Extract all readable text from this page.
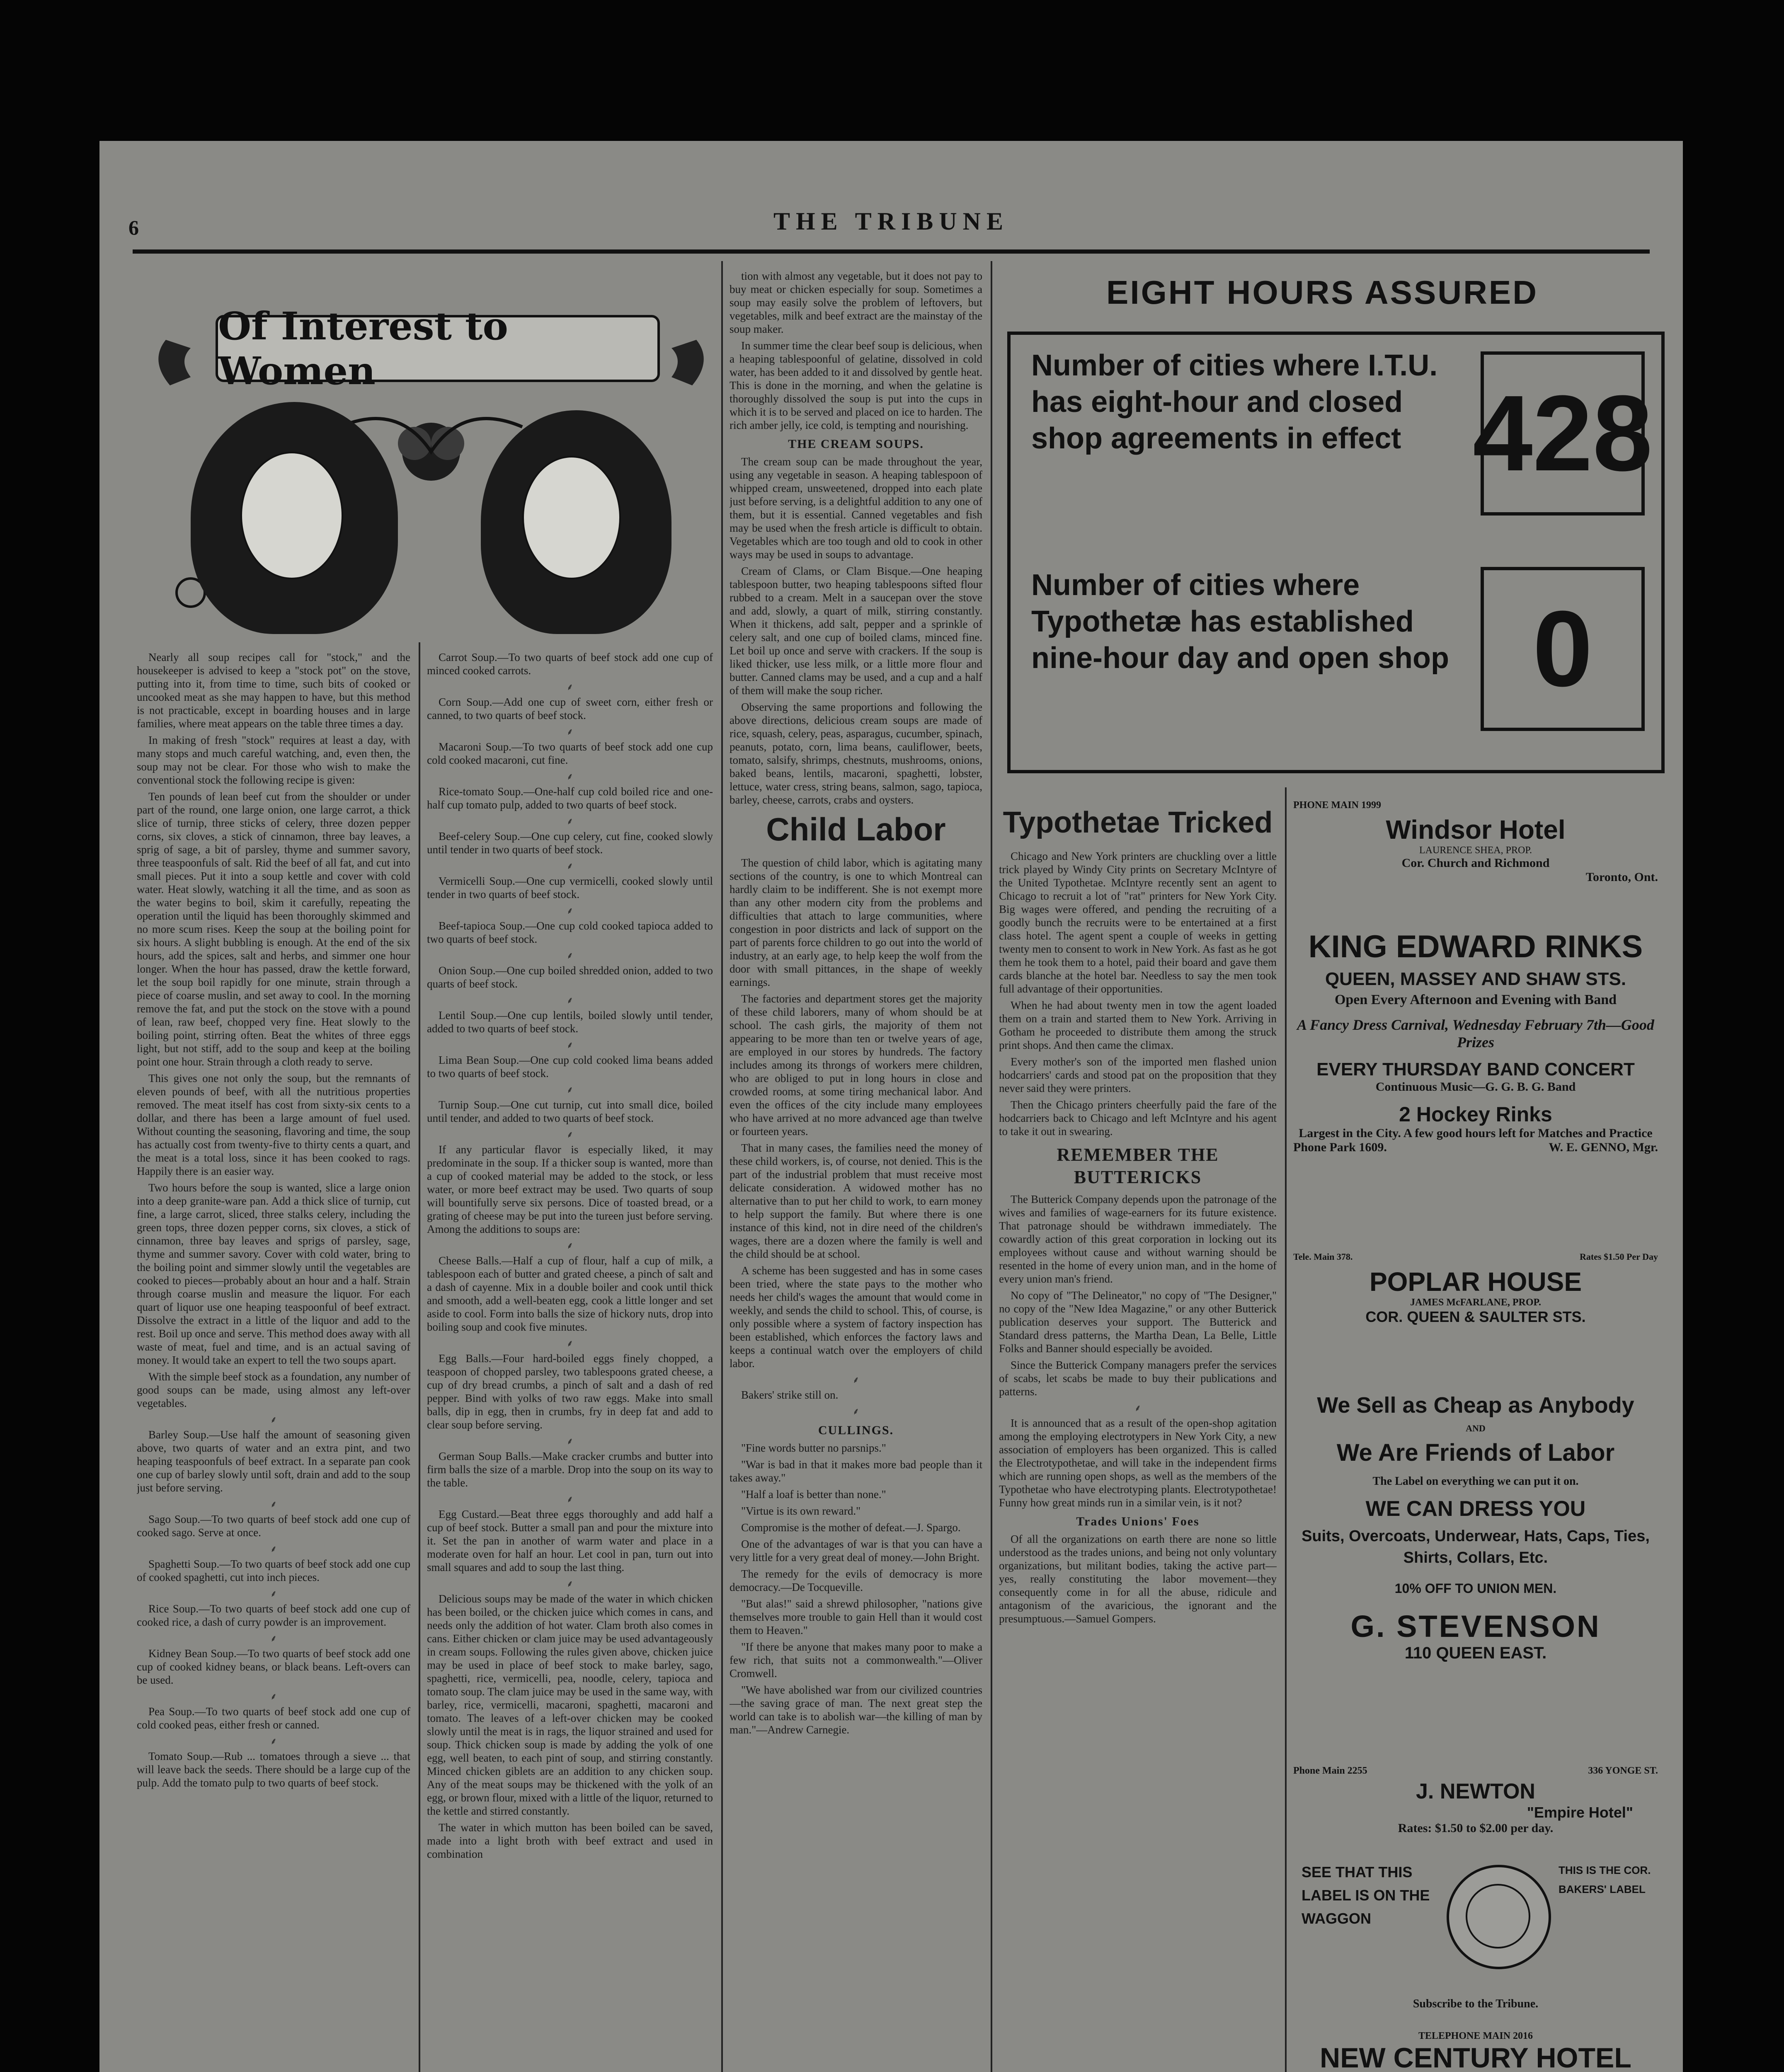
6	THE TRIBUNE
Of Interest to Women

Nearly all soup recipes call for "stock," and the housekeeper is advised to keep a "stock pot" on the stove, putting into it, from time to time, such bits of cooked or uncooked meat as she may happen to have, but this method is not practicable, except in boarding houses and in large families, where meat appears on the table three times a day.

In making of fresh "stock" requires at least a day, with many stops and much careful watching, and, even then, the soup may not be clear. For those who wish to make the conventional stock the following recipe is given:

Ten pounds of lean beef cut from the shoulder or under part of the round, one large onion, one large carrot, a thick slice of turnip, three sticks of celery, three dozen pepper corns, six cloves, a stick of cinnamon, three bay leaves, a sprig of sage, a bit of parsley, thyme and summer savory, three teaspoonfuls of salt. Rid the beef of all fat, and cut into small pieces. Put it into a soup kettle and cover with cold water. Heat slowly, watching it all the time, and as soon as the water begins to boil, skim it carefully, repeating the operation until the liquid has been thoroughly skimmed and no more scum rises. Keep the soup at the boiling point for six hours. A slight bubbling is enough. At the end of the six hours, add the spices, salt and herbs, and simmer one hour longer. When the hour has passed, draw the kettle forward, let the soup boil rapidly for one minute, strain through a piece of coarse muslin, and set away to cool. In the morning remove the fat, and put the stock on the stove with a pound of lean, raw beef, chopped very fine. Heat slowly to the boiling point, stirring often. Beat the whites of three eggs light, but not stiff, add to the soup and keep at the boiling point one hour. Strain through a cloth ready to serve.

This gives one not only the soup, but the remnants of eleven pounds of beef, with all the nutritious properties removed. The meat itself has cost from sixty-six cents to a dollar, and there has been a large amount of fuel used. Without counting the seasoning, flavoring and time, the soup has actually cost from twenty-five to thirty cents a quart, and the meat is a total loss, since it has been cooked to rags. Happily there is an easier way.

Two hours before the soup is wanted, slice a large onion into a deep granite-ware pan. Add a thick slice of turnip, cut fine, a large carrot, sliced, three stalks celery, including the green tops, three dozen pepper corns, six cloves, a stick of cinnamon, three bay leaves and sprigs of parsley, sage, thyme and summer savory. Cover with cold water, bring to the boiling point and simmer slowly until the vegetables are cooked to pieces—probably about an hour and a half. Strain through coarse muslin and measure the liquor. For each quart of liquor use one heaping teaspoonful of beef extract. Dissolve the extract in a little of the liquor and add to the rest. Boil up once and serve. This method does away with all waste of meat, fuel and time, and is an actual saving of money. It would take an expert to tell the two soups apart.

With the simple beef stock as a foundation, any number of good soups can be made, using almost any left-over vegetables.

⸙

Barley Soup.—Use half the amount of seasoning given above, two quarts of water and an extra pint, and two heaping teaspoonfuls of beef extract. In a separate pan cook one cup of barley slowly until soft, drain and add to the soup just before serving.

⸙

Sago Soup.—To two quarts of beef stock add one cup of cooked sago. Serve at once.

⸙

Spaghetti Soup.—To two quarts of beef stock add one cup of cooked spaghetti, cut into inch pieces.

⸙

Rice Soup.—To two quarts of beef stock add one cup of cooked rice, a dash of curry powder is an improvement.

⸙

Kidney Bean Soup.—To two quarts of beef stock add one cup of cooked kidney beans, or black beans. Left-overs can be used.

⸙

Pea Soup.—To two quarts of beef stock add one cup of cold cooked peas, either fresh or canned.

⸙

Tomato Soup.—Rub ... tomatoes through a sieve ... that will leave back the seeds. There should be a large cup of the pulp. Add the tomato pulp to two quarts of beef stock.

Carrot Soup.—To two quarts of beef stock add one cup of minced cooked carrots.

⸙

Corn Soup.—Add one cup of sweet corn, either fresh or canned, to two quarts of beef stock.

⸙

Macaroni Soup.—To two quarts of beef stock add one cup cold cooked macaroni, cut fine.

⸙

Rice-tomato Soup.—One-half cup cold boiled rice and one-half cup tomato pulp, added to two quarts of beef stock.

⸙

Beef-celery Soup.—One cup celery, cut fine, cooked slowly until tender in two quarts of beef stock.

⸙

Vermicelli Soup.—One cup vermicelli, cooked slowly until tender in two quarts of beef stock.

⸙

Beef-tapioca Soup.—One cup cold cooked tapioca added to two quarts of beef stock.

⸙

Onion Soup.—One cup boiled shredded onion, added to two quarts of beef stock.

⸙

Lentil Soup.—One cup lentils, boiled slowly until tender, added to two quarts of beef stock.

⸙

Lima Bean Soup.—One cup cold cooked lima beans added to two quarts of beef stock.

⸙

Turnip Soup.—One cut turnip, cut into small dice, boiled until tender, and added to two quarts of beef stock.

⸙

If any particular flavor is especially liked, it may predominate in the soup. If a thicker soup is wanted, more than a cup of cooked material may be added to the stock, or less water, or more beef extract may be used. Two quarts of soup will bountifully serve six persons. Dice of toasted bread, or a grating of cheese may be put into the tureen just before serving. Among the additions to soups are:

⸙

Cheese Balls.—Half a cup of flour, half a cup of milk, a tablespoon each of butter and grated cheese, a pinch of salt and a dash of cayenne. Mix in a double boiler and cook until thick and smooth, add a well-beaten egg, cook a little longer and set aside to cool. Form into balls the size of hickory nuts, drop into boiling soup and cook five minutes.

⸙

Egg Balls.—Four hard-boiled eggs finely chopped, a teaspoon of chopped parsley, two tablespoons grated cheese, a cup of dry bread crumbs, a pinch of salt and a dash of red pepper. Bind with yolks of two raw eggs. Make into small balls, dip in egg, then in crumbs, fry in deep fat and add to clear soup before serving.

⸙

German Soup Balls.—Make cracker crumbs and butter into firm balls the size of a marble. Drop into the soup on its way to the table.

⸙

Egg Custard.—Beat three eggs thoroughly and add half a cup of beef stock. Butter a small pan and pour the mixture into it. Set the pan in another of warm water and place in a moderate oven for half an hour. Let cool in pan, turn out into small squares and add to soup the last thing.

⸙

Delicious soups may be made of the water in which chicken has been boiled, or the chicken juice which comes in cans, and needs only the addition of hot water. Clam broth also comes in cans. Either chicken or clam juice may be used advantageously in cream soups. Following the rules given above, chicken juice may be used in place of beef stock to make barley, sago, spaghetti, rice, vermicelli, pea, noodle, celery, tapioca and tomato soup. The clam juice may be used in the same way, with barley, rice, vermicelli, macaroni, spaghetti, macaroni and tomato. The leaves of a left-over chicken may be cooked slowly until the meat is in rags, the liquor strained and used for soup. Thick chicken soup is made by adding the yolk of one egg, well beaten, to each pint of soup, and stirring constantly. Minced chicken giblets are an addition to any chicken soup. Any of the meat soups may be thickened with the yolk of an egg, or brown flour, mixed with a little of the liquor, returned to the kettle and stirred constantly.

The water in which mutton has been boiled can be saved, made into a light broth with beef extract and used in combination

tion with almost any vegetable, but it does not pay to buy meat or chicken especially for soup. Sometimes a soup may easily solve the problem of leftovers, but vegetables, milk and beef extract are the mainstay of the soup maker.

In summer time the clear beef soup is delicious, when a heaping tablespoonful of gelatine, dissolved in cold water, has been added to it and dissolved by gentle heat. This is done in the morning, and when the gelatine is thoroughly dissolved the soup is put into the cups in which it is to be served and placed on ice to harden. The rich amber jelly, ice cold, is tempting and nourishing.

THE CREAM SOUPS.

The cream soup can be made throughout the year, using any vegetable in season. A heaping tablespoon of whipped cream, unsweetened, dropped into each plate just before serving, is a delightful addition to any one of them, but it is essential. Canned vegetables and fish may be used when the fresh article is difficult to obtain. Vegetables which are too tough and old to cook in other ways may be used in soups to advantage.

Cream of Clams, or Clam Bisque.—One heaping tablespoon butter, two heaping tablespoons sifted flour rubbed to a cream. Melt in a saucepan over the stove and add, slowly, a quart of milk, stirring constantly. When it thickens, add salt, pepper and a sprinkle of celery salt, and one cup of boiled clams, minced fine. Let boil up once and serve with crackers. If the soup is liked thicker, use less milk, or a little more flour and butter. Canned clams may be used, and a cup and a half of them will make the soup richer.

Observing the same proportions and following the above directions, delicious cream soups are made of rice, squash, celery, peas, asparagus, cucumber, spinach, peanuts, potato, corn, lima beans, cauliflower, beets, tomato, salsify, shrimps, chestnuts, mushrooms, onions, baked beans, lentils, macaroni, spaghetti, lobster, lettuce, water cress, string beans, salmon, sago, tapioca, barley, cheese, carrots, crabs and oysters.

Child Labor

The question of child labor, which is agitating many sections of the country, is one to which Montreal can hardly claim to be indifferent. She is not exempt more than any other modern city from the problems and difficulties that attach to large communities, where congestion in poor districts and lack of support on the part of parents force children to go out into the world of industry, at an early age, to help keep the wolf from the door with small pittances, in the shape of weekly earnings.

The factories and department stores get the majority of these child laborers, many of whom should be at school. The cash girls, the majority of them not appearing to be more than ten or twelve years of age, are employed in our stores by hundreds. The factory includes among its throngs of workers mere children, who are obliged to put in long hours in close and crowded rooms, at some tiring mechanical labor. And even the offices of the city include many employees who have arrived at no more advanced age than twelve or fourteen years.

That in many cases, the families need the money of these child workers, is, of course, not denied. This is the part of the industrial problem that must receive most delicate consideration. A widowed mother has no alternative than to put her child to work, to earn money to help support the family. But where there is one instance of this kind, not in dire need of the children's wages, there are a dozen where the family is well and the child should be at school.

A scheme has been suggested and has in some cases been tried, where the state pays to the mother who needs her child's wages the amount that would come in weekly, and sends the child to school. This, of course, is only possible where a system of factory inspection has been established, which enforces the factory laws and keeps a continual watch over the employers of child labor.

⸙

Bakers' strike still on.

⸙
CULLINGS.

"Fine words butter no parsnips."

"War is bad in that it makes more bad people than it takes away."

"Half a loaf is better than none."

"Virtue is its own reward."

Compromise is the mother of defeat.—J. Spargo.

One of the advantages of war is that you can have a very little for a very great deal of money.—John Bright.

The remedy for the evils of democracy is more democracy.—De Tocqueville.

"But alas!" said a shrewd philosopher, "nations give themselves more trouble to gain Hell than it would cost them to Heaven."

"If there be anyone that makes many poor to make a few rich, that suits not a commonwealth."—Oliver Cromwell.

"We have abolished war from our civilized countries—the saving grace of man. The next great step the world can take is to abolish war—the killing of man by man."—Andrew Carnegie.

EIGHT HOURS ASSURED
Number of cities where I.T.U. has eight-hour and closed shop agreements in effect 428
Number of cities where Typothetæ has established nine-hour day and open shop 0
Typothetae Tricked

Chicago and New York printers are chuckling over a little trick played by Windy City prints on Secretary McIntyre of the United Typothetae. McIntyre recently sent an agent to Chicago to recruit a lot of "rat" printers for New York City. Big wages were offered, and pending the recruiting of a goodly bunch the recruits were to be entertained at a first class hotel. The agent spent a couple of weeks in getting twenty men to consent to work in New York. As fast as he got them he took them to a hotel, paid their board and gave them cards blanche at the hotel bar. Needless to say the men took full advantage of their opportunities.

When he had about twenty men in tow the agent loaded them on a train and started them to New York. Arriving in Gotham he proceeded to distribute them among the struck print shops. And then came the climax.

Every mother's son of the imported men flashed union hodcarriers' cards and stood pat on the proposition that they never said they were printers.

Then the Chicago printers cheerfully paid the fare of the hodcarriers back to Chicago and left McIntyre and his agent to take it out in swearing.

REMEMBER THE BUTTERICKS

The Butterick Company depends upon the patronage of the wives and families of wage-earners for its future existence. That patronage should be withdrawn immediately. The cowardly action of this great corporation in locking out its employees without cause and without warning should be resented in the home of every union man, and in the home of every union man's friend.

No copy of "The Delineator," no copy of "The Designer," no copy of the "New Idea Magazine," or any other Butterick publication deserves your support. The Butterick and Standard dress patterns, the Martha Dean, La Belle, Little Folks and Banner should especially be avoided.

Since the Butterick Company managers prefer the services of scabs, let scabs be made to buy their publications and patterns.

⸙

It is announced that as a result of the open-shop agitation among the employing electrotypers in New York City, a new association of employers has been organized. This is called the Electrotypothetae, and will take in the independent firms which are running open shops, as well as the members of the Typothetae who have electrotyping plants. Electrotypothetae! Funny how great minds run in a similar vein, is it not?

Trades Unions' Foes

Of all the organizations on earth there are none so little understood as the trades unions, and being not only voluntary organizations, but militant bodies, taking the active part—yes, really constituting the labor movement—they consequently come in for all the abuse, ridicule and antagonism of the avaricious, the ignorant and the presumptuous.—Samuel Gompers.

PHONE MAIN 1999
Windsor Hotel
LAURENCE SHEA, PROP.
Cor. Church and Richmond
Toronto, Ont.
KING EDWARD RINKS
QUEEN, MASSEY AND SHAW STS.
Open Every Afternoon and Evening with Band
A Fancy Dress Carnival, Wednesday February 7th—Good Prizes
EVERY THURSDAY BAND CONCERT
Continuous Music—G. G. B. G. Band
2 Hockey Rinks
Largest in the City. A few good hours left for Matches and Practice
Phone Park 1609.	W. E. GENNO, Mgr.
Tele. Main 378.	Rates $1.50 Per Day
POPLAR HOUSE
JAMES McFARLANE, PROP.
COR. QUEEN & SAULTER STS.
We Sell as Cheap as Anybody
AND
We Are Friends of Labor
The Label on everything we can put it on.
WE CAN DRESS YOU
Suits, Overcoats, Underwear, Hats, Caps, Ties, Shirts, Collars, Etc.
10% OFF TO UNION MEN.
G. STEVENSON
110 QUEEN EAST.
Phone Main 2255	336 YONGE ST.
J. NEWTON
"Empire Hotel"
Rates: $1.50 to $2.00 per day.
SEE THAT THIS LABEL IS ON THE WAGGON
THIS IS THE COR. BAKERS' LABEL
Subscribe to the Tribune.
TELEPHONE MAIN 2016
NEW CENTURY HOTEL
